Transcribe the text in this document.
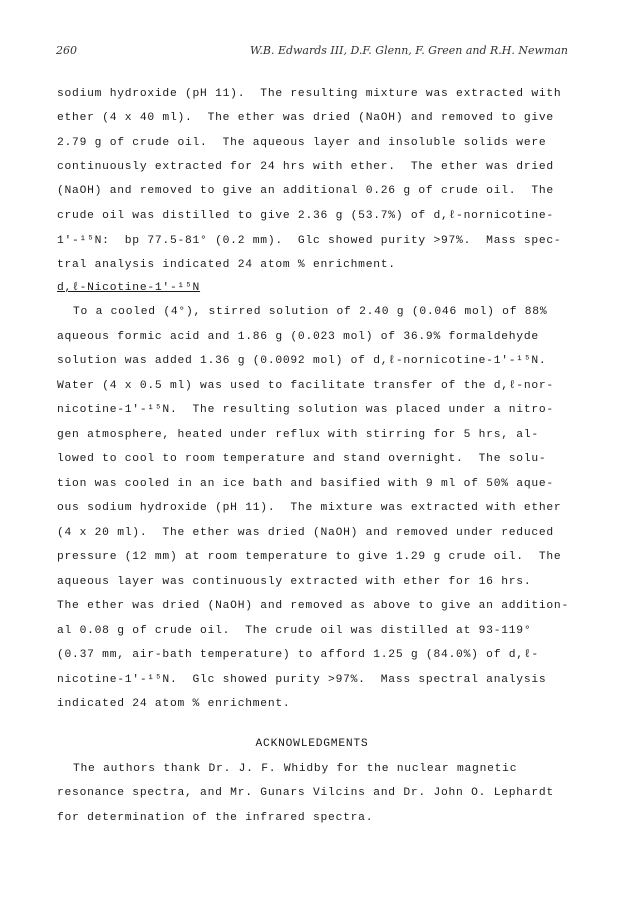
260	W.B. Edwards III, D.F. Glenn, F. Green and R.H. Newman
sodium hydroxide (pH 11).  The resulting mixture was extracted with
ether (4 x 40 ml).  The ether was dried (NaOH) and removed to give
2.79 g of crude oil.  The aqueous layer and insoluble solids were
continuously extracted for 24 hrs with ether.  The ether was dried
(NaOH) and removed to give an additional 0.26 g of crude oil.  The
crude oil was distilled to give 2.36 g (53.7%) of d,ℓ-nornicotine-
1'-¹⁵N:  bp 77.5-81° (0.2 mm).  Glc showed purity >97%.  Mass spec-
tral analysis indicated 24 atom % enrichment.
d,ℓ-Nicotine-1'-¹⁵N
To a cooled (4°), stirred solution of 2.40 g (0.046 mol) of 88%
aqueous formic acid and 1.86 g (0.023 mol) of 36.9% formaldehyde
solution was added 1.36 g (0.0092 mol) of d,ℓ-nornicotine-1'-¹⁵N.
Water (4 x 0.5 ml) was used to facilitate transfer of the d,ℓ-nor-
nicotine-1'-¹⁵N.  The resulting solution was placed under a nitro-
gen atmosphere, heated under reflux with stirring for 5 hrs, al-
lowed to cool to room temperature and stand overnight.  The solu-
tion was cooled in an ice bath and basified with 9 ml of 50% aque-
ous sodium hydroxide (pH 11).  The mixture was extracted with ether
(4 x 20 ml).  The ether was dried (NaOH) and removed under reduced
pressure (12 mm) at room temperature to give 1.29 g crude oil.  The
aqueous layer was continuously extracted with ether for 16 hrs.
The ether was dried (NaOH) and removed as above to give an addition-
al 0.08 g of crude oil.  The crude oil was distilled at 93-119°
(0.37 mm, air-bath temperature) to afford 1.25 g (84.0%) of d,ℓ-
nicotine-1'-¹⁵N.  Glc showed purity >97%.  Mass spectral analysis
indicated 24 atom % enrichment.
ACKNOWLEDGMENTS
The authors thank Dr. J. F. Whidby for the nuclear magnetic
resonance spectra, and Mr. Gunars Vilcins and Dr. John O. Lephardt
for determination of the infrared spectra.
